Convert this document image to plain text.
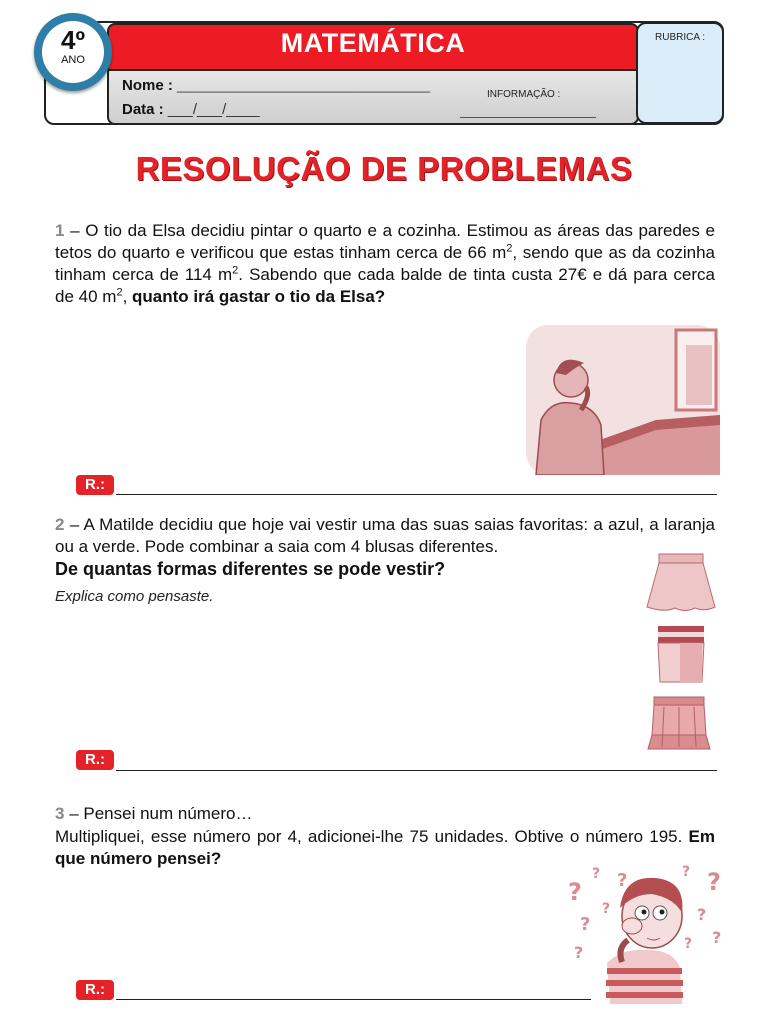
MATEMÁTICA	RUBRICA :
4º
ANO
Nome : ___________________________________
Data : ___/___/____
INFORMAÇÃO :
RESOLUÇÃO DE PROBLEMAS
1 – O tio da Elsa decidiu pintar o quarto e a cozinha. Estimou as áreas das paredes e tetos do quarto e verificou que estas tinham cerca de 66 $m^2$, sendo que as da cozinha tinham cerca de 114 $m^2$. Sabendo que cada balde de tinta custa 27€ e dá para cerca de 40 $m^2$, quanto irá gastar o tio da Elsa?
R.:
2 – A Matilde decidiu que hoje vai vestir uma das suas saias favoritas: a azul, a laranja ou a verde. Pode combinar a saia com 4 blusas diferentes.
De quantas formas diferentes se pode vestir?
Explica como pensaste.
R.:
3 – Pensei num número…
Multipliquei, esse número por 4, adicionei-lhe 75 unidades. Obtive o número 195. Em que número pensei?
?
?
?
?
?
? ?
?
?
?
?
R.:
